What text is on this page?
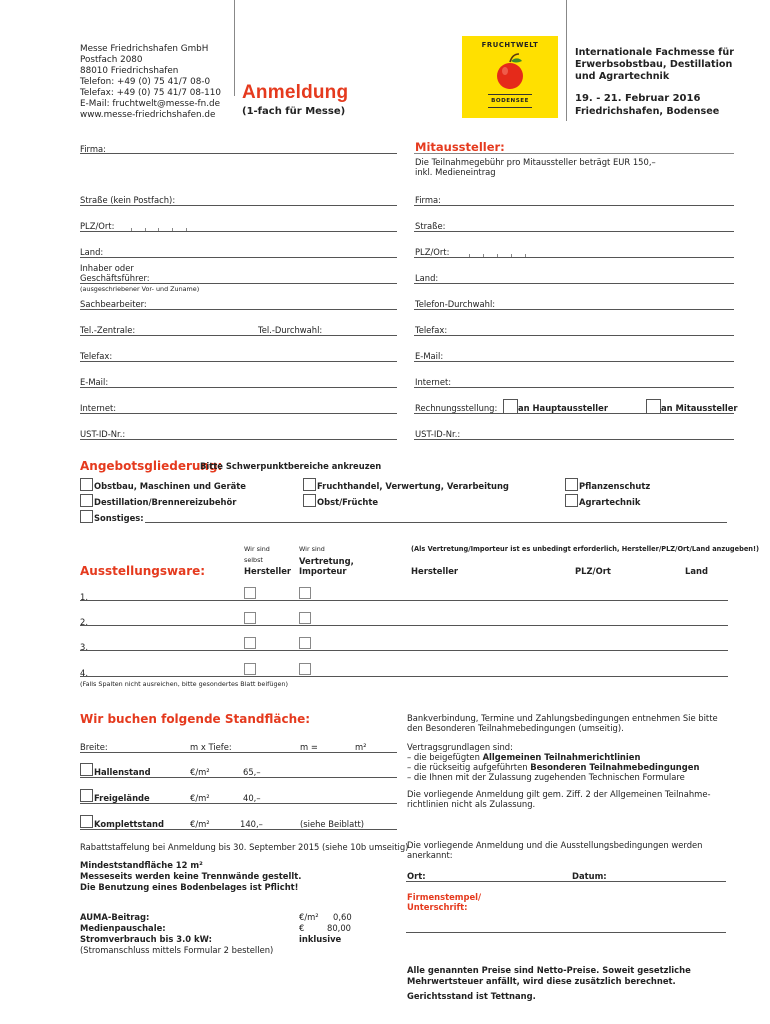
Messe Friedrichshafen GmbH
Postfach 2080
88010 Friedrichshafen
Telefon: +49 (0) 75 41/7 08-0
Telefax: +49 (0) 75 41/7 08-110
E-Mail: fruchtwelt@messe-fn.de
www.messe-friedrichshafen.de
Anmeldung
(1-fach für Messe)
FRUCHTWELT
BODENSEE
Internationale Fachmesse für
Erwerbsobstbau, Destillation
und Agrartechnik
19. - 21. Februar 2016
Friedrichshafen, Bodensee
Firma:
Straße (kein Postfach):
PLZ/Ort:
Land:
Inhaber oder
Geschäftsführer:
(ausgeschriebener Vor- und Zuname)
Sachbearbeiter:
Tel.-Zentrale:	Tel.-Durchwahl:
Telefax:
E-Mail:
Internet:
UST-ID-Nr.:
Mitaussteller:
Die Teilnahmegebühr pro Mitaussteller beträgt EUR 150,–
inkl. Medieneintrag
Firma:
Straße:
PLZ/Ort:
Land:
Telefon-Durchwahl:
Telefax:
E-Mail:
Internet:
Rechnungsstellung: an Hauptaussteller	an Mitaussteller
UST-ID-Nr.:
Angebotsgliederung:
Bitte Schwerpunktbereiche ankreuzen
Obstbau, Maschinen und Geräte
Destillation/Brennereizubehör
Sonstiges:
Fruchthandel, Verwertung, Verarbeitung
Obst/Früchte
Pflanzenschutz
Agrartechnik
Wir sind
selbst
Hersteller
Wir sind
Vertretung,
Importeur
(Als Vertretung/Importeur ist es unbedingt erforderlich, Hersteller/PLZ/Ort/Land anzugeben!)
Ausstellungsware:	Hersteller	PLZ/Ort	Land
1.
2.
3.
4.
(Falls Spalten nicht ausreichen, bitte gesondertes Blatt beifügen)
Wir buchen folgende Standfläche:
Breite:	m x Tiefe:	m =	m²
Hallenstand	€/m²	65,–
Freigelände	€/m²	40,–
Komplettstand	€/m²	140,–	(siehe Beiblatt)
Rabattstaffelung bei Anmeldung bis 30. September 2015 (siehe 10b umseitig)
Mindeststandfläche 12 m²
Messeseits werden keine Trennwände gestellt.
Die Benutzung eines Bodenbelages ist Pflicht!
AUMA-Beitrag:	€/m² 0,60
Medienpauschale:	€	80,00
Stromverbrauch bis 3.0 kW:	inklusive
(Stromanschluss mittels Formular 2 bestellen)
Bankverbindung, Termine und Zahlungsbedingungen entnehmen Sie bitte
den Besonderen Teilnahmebedingungen (umseitig).
Vertragsgrundlagen sind:
– die beigefügten Allgemeinen Teilnahmerichtlinien
– die rückseitig aufgeführten Besonderen Teilnahmebedingungen
– die Ihnen mit der Zulassung zugehenden Technischen Formulare
Die vorliegende Anmeldung gilt gem. Ziff. 2 der Allgemeinen Teilnahme-
richtlinien nicht als Zulassung.
Die vorliegende Anmeldung und die Ausstellungsbedingungen werden
anerkannt:
Ort:	Datum:
Firmenstempel/
Unterschrift:
Alle genannten Preise sind Netto-Preise. Soweit gesetzliche
Mehrwertsteuer anfällt, wird diese zusätzlich berechnet.
Gerichtsstand ist Tettnang.
